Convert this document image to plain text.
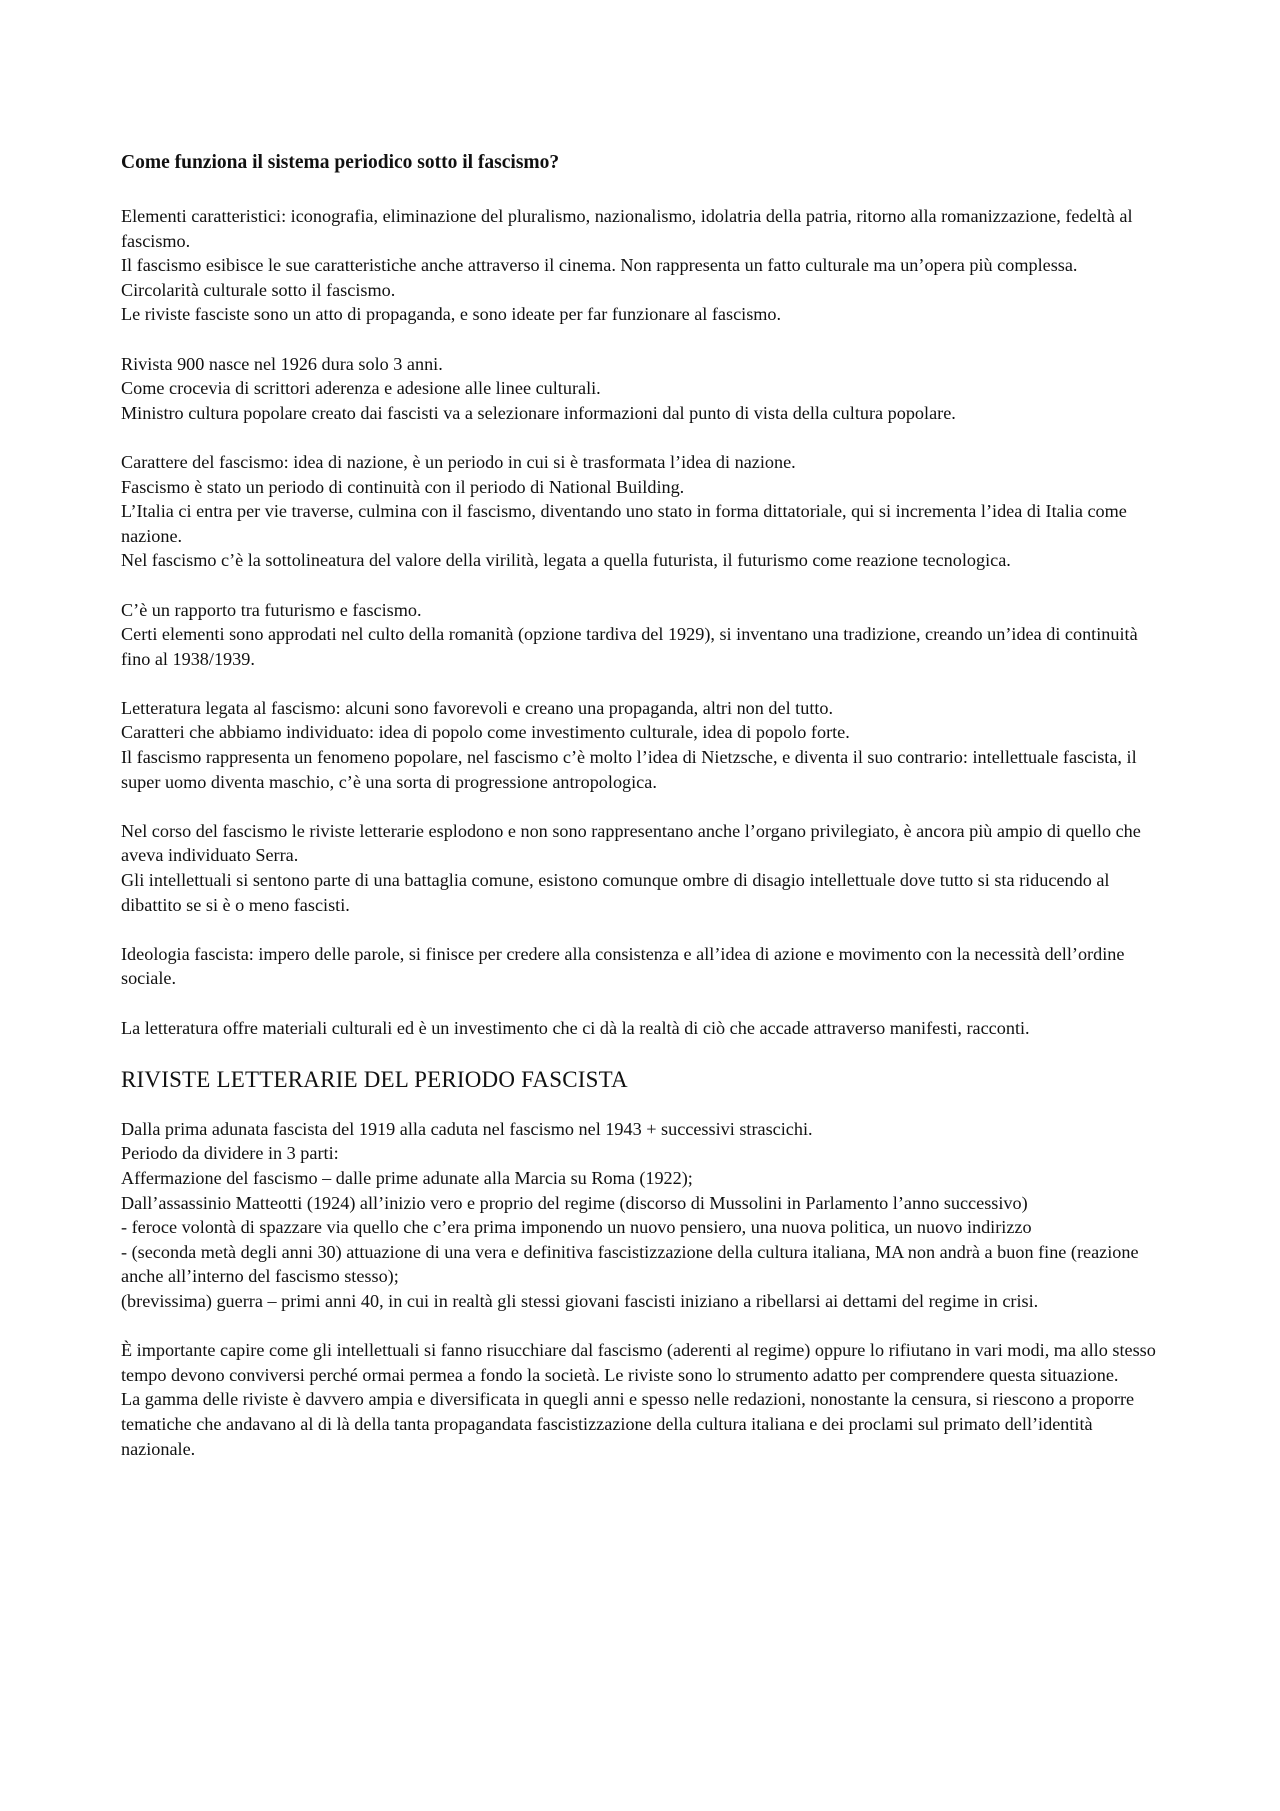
Come funziona il sistema periodico sotto il fascismo?
Elementi caratteristici: iconografia, eliminazione del pluralismo, nazionalismo, idolatria della patria, ritorno alla romanizzazione, fedeltà al fascismo.
Il fascismo esibisce le sue caratteristiche anche attraverso il cinema. Non rappresenta un fatto culturale ma un’opera più complessa.
Circolarità culturale sotto il fascismo.
Le riviste fasciste sono un atto di propaganda, e sono ideate per far funzionare al fascismo.
Rivista 900 nasce nel 1926 dura solo 3 anni.
Come crocevia di scrittori aderenza e adesione alle linee culturali.
Ministro cultura popolare creato dai fascisti va a selezionare informazioni dal punto di vista della cultura popolare.
Carattere del fascismo: idea di nazione, è un periodo in cui si è trasformata l’idea di nazione.
Fascismo è stato un periodo di continuità con il periodo di National Building.
L’Italia ci entra per vie traverse, culmina con il fascismo, diventando uno stato in forma dittatoriale, qui si incrementa l’idea di Italia come nazione.
Nel fascismo c’è la sottolineatura del valore della virilità, legata a quella futurista, il futurismo come reazione tecnologica.
C’è un rapporto tra futurismo e fascismo.
Certi elementi sono approdati nel culto della romanità (opzione tardiva del 1929), si inventano una tradizione, creando un’idea di continuità fino al 1938/1939.
Letteratura legata al fascismo: alcuni sono favorevoli e creano una propaganda, altri non del tutto.
Caratteri che abbiamo individuato: idea di popolo come investimento culturale, idea di popolo forte.
Il fascismo rappresenta un fenomeno popolare, nel fascismo c’è molto l’idea di Nietzsche, e diventa il suo contrario: intellettuale fascista, il super uomo diventa maschio, c’è una sorta di progressione antropologica.
Nel corso del fascismo le riviste letterarie esplodono e non sono rappresentano anche l’organo privilegiato, è ancora più ampio di quello che aveva individuato Serra.
Gli intellettuali si sentono parte di una battaglia comune, esistono comunque ombre di disagio intellettuale dove tutto si sta riducendo al dibattito se si è o meno fascisti.
Ideologia fascista: impero delle parole, si finisce per credere alla consistenza e all’idea di azione e movimento con la necessità dell’ordine sociale.
La letteratura offre materiali culturali ed è un investimento che ci dà la realtà di ciò che accade attraverso manifesti, racconti.
RIVISTE LETTERARIE DEL PERIODO FASCISTA
Dalla prima adunata fascista del 1919 alla caduta nel fascismo nel 1943 + successivi strascichi.
Periodo da dividere in 3 parti:
Affermazione del fascismo – dalle prime adunate alla Marcia su Roma (1922);
Dall’assassinio Matteotti (1924) all’inizio vero e proprio del regime (discorso di Mussolini in Parlamento l’anno successivo)
- feroce volontà di spazzare via quello che c’era prima imponendo un nuovo pensiero, una nuova politica, un nuovo indirizzo
- (seconda metà degli anni 30) attuazione di una vera e definitiva fascistizzazione della cultura italiana, MA non andrà a buon fine (reazione anche all’interno del fascismo stesso);
(brevissima) guerra – primi anni 40, in cui in realtà gli stessi giovani fascisti iniziano a ribellarsi ai dettami del regime in crisi.
È importante capire come gli intellettuali si fanno risucchiare dal fascismo (aderenti al regime) oppure lo rifiutano in vari modi, ma allo stesso tempo devono conviversi perché ormai permea a fondo la società. Le riviste sono lo strumento adatto per comprendere questa situazione.
La gamma delle riviste è davvero ampia e diversificata in quegli anni e spesso nelle redazioni, nonostante la censura, si riescono a proporre tematiche che andavano al di là della tanta propagandata fascistizzazione della cultura italiana e dei proclami sul primato dell’identità nazionale.
